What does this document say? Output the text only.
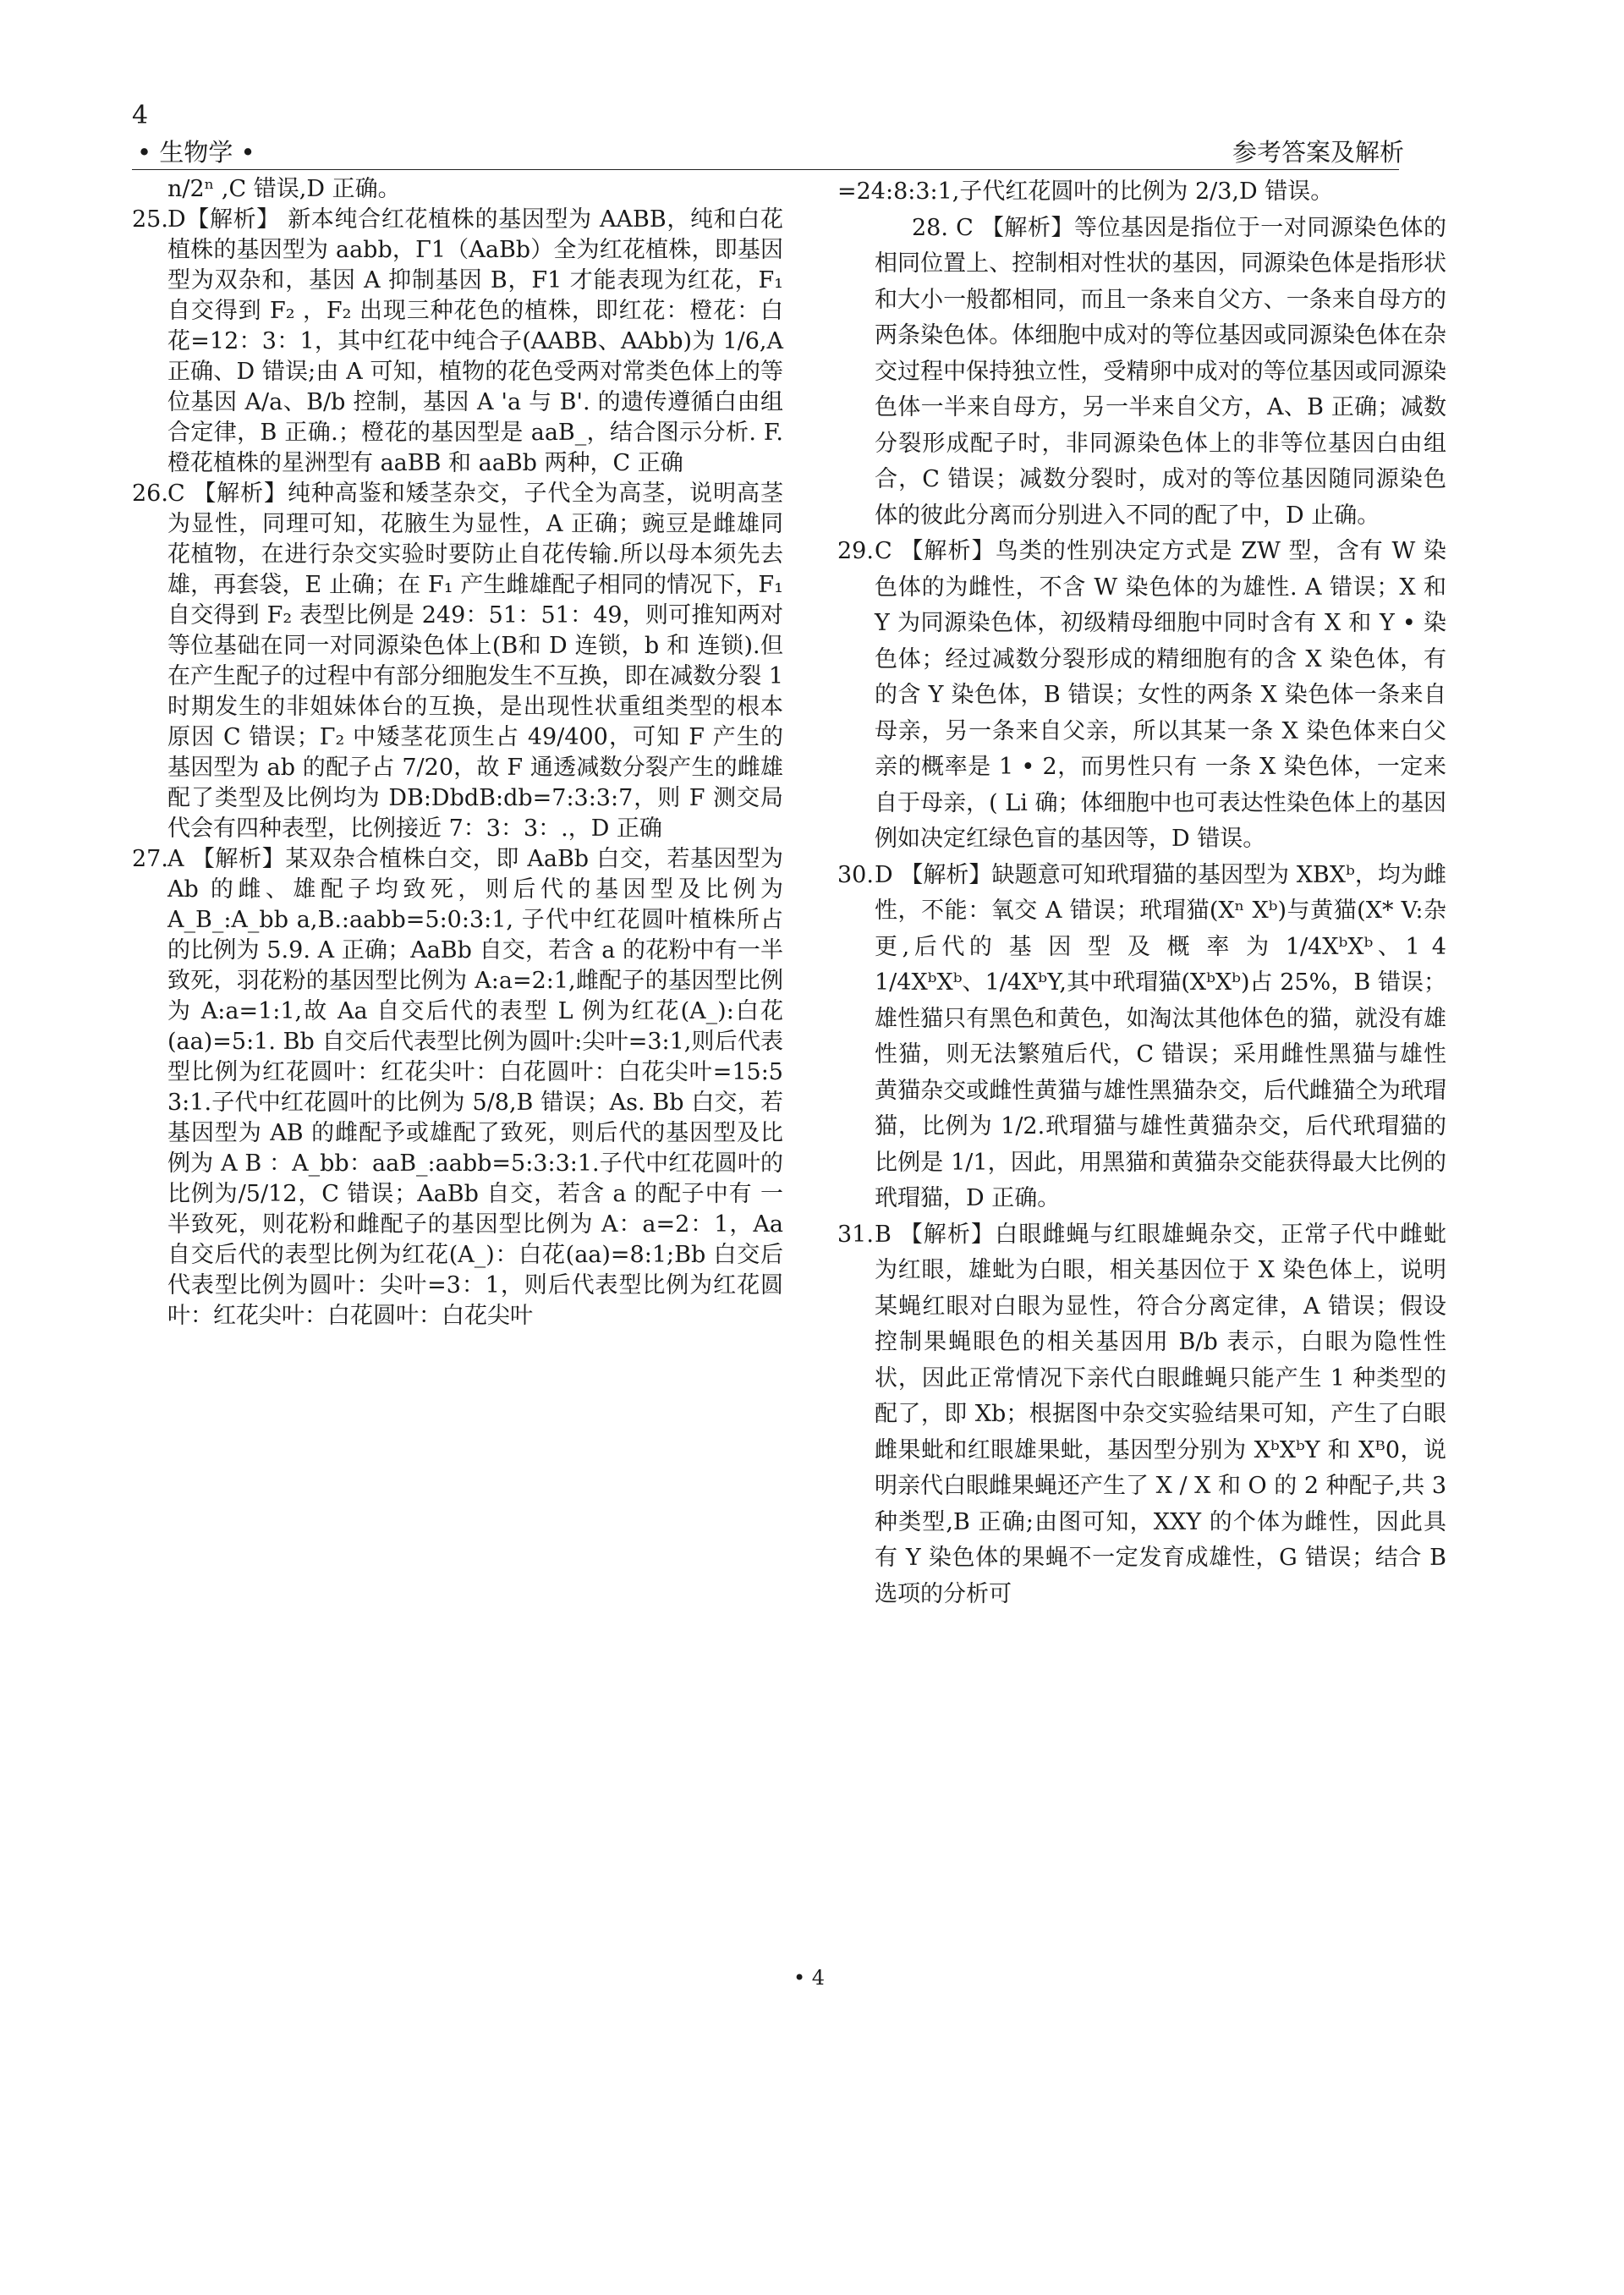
4
• 生物学 •	参考答案及解析

n/2ⁿ ,C 错误,D 正确。

25. D【解析】 新本纯合红花植株的基因型为 AABB，纯和白花植株的基因型为 aabb，Γ1（AaBb）全为红花植株，即基因型为双杂和，基因 A 抑制基因 B，F1 才能表现为红花，F₁ 自交得到 F₂ ，F₂ 出现三种花色的植株，即红花：橙花：白花=12：3：1，其中红花中纯合子(AABB、AAbb)为 1/6,A 正确、D 错误;由 A 可知，植物的花色受两对常类色体上的等位基因 A/a、B/b 控制，基因 A 'a 与 B'. 的遗传遵循白由组合定律，B 正确.；橙花的基因型是 aaB_，结合图示分析. F.橙花植株的星洲型有 aaBB 和 aaBb 两种，C 正确

26. C 【解析】纯种高鉴和矮茎杂交，子代全为高茎，说明高茎为显性，同理可知，花腋生为显性，A 正确；豌豆是雌雄同花植物，在进行杂交实验时要防止自花传输.所以母本须先去雄，再套袋，E 止确；在 F₁ 产生雌雄配子相同的情况下，F₁ 自交得到 F₂ 表型比例是 249：51：51：49，则可推知两对等位基础在同一对同源染色体上(B和 D 连锁，b 和 连锁).但在产生配子的过程中有部分细胞发生不互换，即在减数分裂 1 时期发生的非姐妹体台的互换，是出现性状重组类型的根本原因 C 错误；Γ₂ 中矮茎花顶生占 49/400，可知 F 产生的基因型为 ab 的配子占 7/20，故 F 通透减数分裂产生的雌雄配了类型及比例均为 DB:DbdB:db=7:3:3:7，则 F 测交局代会有四种表型，比例接近 7：3：3：.，D 正确

27. A 【解析】某双杂合植株白交，即 AaBb 白交，若基因型为 Ab 的雌、雄配子均致死，则后代的基因型及比例为 A_B_:A_bb a,B.:aabb=5:0:3:1, 子代中红花圆叶植株所占的比例为 5.9. A 正确；AaBb 自交，若含 a 的花粉中有一半致死，羽花粉的基因型比例为 A:a=2:1,雌配子的基因型比例为 A:a=1:1,故 Aa 自交后代的表型 L 例为红花(A_):白花(aa)=5:1. Bb 自交后代表型比例为圆叶:尖叶=3:1,则后代表型比例为红花圆叶：红花尖叶：白花圆叶：白花尖叶=15:5 3:1.子代中红花圆叶的比例为 5/8,B 错误；As. Bb 白交，若基因型为 AB 的雌配予或雄配了致死，则后代的基因型及比例为 A B ：A_bb：aaB_:aabb=5:3:3:1.子代中红花圆叶的比例为/5/12，C 错误；AaBb 自交，若含 a 的配子中有 一半致死，则花粉和雌配子的基因型比例为 A：a=2：1，Aa 自交后代的表型比例为红花(A_)：白花(aa)=8:1;Bb 白交后代表型比例为圆叶：尖叶=3：1，则后代表型比例为红花圆叶：红花尖叶：白花圆叶：白花尖叶

=24:8:3:1,子代红花圆叶的比例为 2/3,D 错误。

28. C 【解析】等位基因是指位于一对同源染色体的相同位置上、控制相对性状的基因，同源染色体是指形状和大小一般都相同，而且一条来自父方、一条来自母方的两条染色体。体细胞中成对的等位基因或同源染色体在杂交过程中保持独立性，受精卵中成对的等位基因或同源染色体一半来自母方，另一半来自父方，A、B 正确；减数分裂形成配子时，非同源染色体上的非等位基因白由组合，C 错误；减数分裂时，成对的等位基因随同源染色体的彼此分离而分别进入不同的配了中，D 止确。

29. C 【解析】鸟类的性别决定方式是 ZW 型，含有 W 染色体的为雌性，不含 W 染色体的为雄性. A 错误；X 和 Y 为同源染色体，初级精母细胞中同时含有 X 和 Y • 染色体；经过减数分裂形成的精细胞有的含 X 染色体，有的含 Y 染色体，B 错误；女性的两条 X 染色体一条来自母亲，另一条来自父亲，所以其某一条 X 染色体来白父亲的概率是 1 • 2，而男性只有 一条 X 染色体，一定来自于母亲，( Li 确；体细胞中也可表达性染色体上的基因例如决定红绿色盲的基因等，D 错误。

30. D 【解析】缺题意可知玳瑁猫的基因型为 XBXᵇ，均为雌性，不能：氧交 A 错误；玳瑁猫(Xⁿ Xᵇ)与黄猫(X* V:杂更,后代的 基 因 型 及 概 率 为 1/4XᵇXᵇ、1 4 1/4XᵇXᵇ、1/4XᵇY,其中玳瑁猫(XᵇXᵇ)占 25%，B 错误；雄性猫只有黑色和黄色，如淘汰其他体色的猫，就没有雄性猫，则无法繁殖后代，C 错误；采用雌性黑猫与雄性黄猫杂交或雌性黄猫与雄性黑猫杂交，后代雌猫仝为玳瑁猫，比例为 1/2.玳瑁猫与雄性黄猫杂交，后代玳瑁猫的比例是 1/1，因此，用黑猫和黄猫杂交能获得最大比例的玳瑁猫，D 正确。

31. B 【解析】白眼雌蝇与红眼雄蝇杂交，正常子代中雌蚍为红眼，雄蚍为白眼，相关基因位于 X 染色体上，说明某蝇红眼对白眼为显性，符合分离定律，A 错误；假设控制果蝇眼色的相关基因用 B/b 表示，白眼为隐性性状，因此正常情况下亲代白眼雌蝇只能产生 1 种类型的配了，即 Xb；根据图中杂交实验结果可知，产生了白眼雌果蚍和红眼雄果蚍，基因型分别为 XᵇXᵇY 和 Xᴮ0，说明亲代白眼雌果蝇还产生了 X / X 和 O 的 2 种配子,共 3 种类型,B 正确;由图可知，XXY 的个体为雌性，因此具有 Y 染色体的果蝇不一定发育成雄性，G 错误；结合 B 选项的分析可

• 4
